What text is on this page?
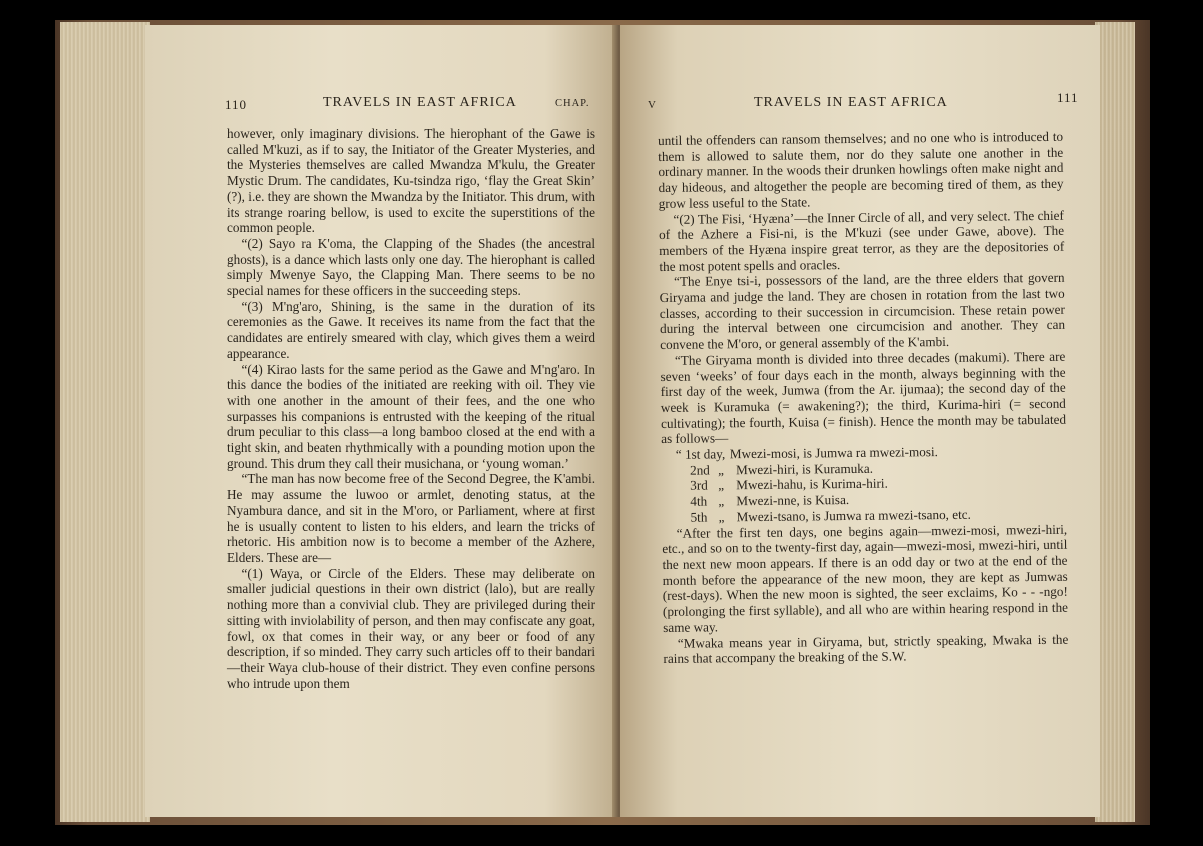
110	TRAVELS IN EAST AFRICA	CHAP.

however, only imaginary divisions. The hierophant of the Gawe is called M'kuzi, as if to say, the Initiator of the Greater Mysteries, and the Mysteries themselves are called Mwandza M'kulu, the Greater Mystic Drum. The candidates, Ku-tsindza rigo, ‘flay the Great Skin’ (?), i.e. they are shown the Mwandza by the Initiator. This drum, with its strange roaring bellow, is used to excite the superstitions of the common people.

“(2) Sayo ra K'oma, the Clapping of the Shades (the ancestral ghosts), is a dance which lasts only one day. The hierophant is called simply Mwenye Sayo, the Clapping Man. There seems to be no special names for these officers in the succeeding steps.

“(3) M'ng'aro, Shining, is the same in the duration of its ceremonies as the Gawe. It receives its name from the fact that the candidates are entirely smeared with clay, which gives them a weird appearance.

“(4) Kirao lasts for the same period as the Gawe and M'ng'aro. In this dance the bodies of the initiated are reeking with oil. They vie with one another in the amount of their fees, and the one who surpasses his companions is entrusted with the keeping of the ritual drum peculiar to this class—a long bamboo closed at the end with a tight skin, and beaten rhythmically with a pounding motion upon the ground. This drum they call their musichana, or ‘young woman.’

“The man has now become free of the Second Degree, the K'ambi. He may assume the luwoo or armlet, denoting status, at the Nyambura dance, and sit in the M'oro, or Parliament, where at first he is usually content to listen to his elders, and learn the tricks of rhetoric. His ambition now is to become a member of the Azhere, Elders. These are—

“(1) Waya, or Circle of the Elders. These may deliberate on smaller judicial questions in their own district (lalo), but are really nothing more than a convivial club. They are privileged during their sitting with inviolability of person, and then may confiscate any goat, fowl, ox that comes in their way, or any beer or food of any description, if so minded. They carry such articles off to their bandari—their Waya club-house of their district. They even confine persons who intrude upon them

V	TRAVELS IN EAST AFRICA	111

until the offenders can ransom themselves; and no one who is introduced to them is allowed to salute them, nor do they salute one another in the ordinary manner. In the woods their drunken howlings often make night and day hideous, and altogether the people are becoming tired of them, as they grow less useful to the State.

“(2) The Fisi, ‘Hyæna’—the Inner Circle of all, and very select. The chief of the Azhere a Fisi-ni, is the M'kuzi (see under Gawe, above). The members of the Hyæna inspire great terror, as they are the depositories of the most potent spells and oracles.

“The Enye tsi-i, possessors of the land, are the three elders that govern Giryama and judge the land. They are chosen in rotation from the last two classes, according to their succession in circumcision. These retain power during the interval between one circumcision and another. They can convene the M'oro, or general assembly of the K'ambi.

“The Giryama month is divided into three decades (makumi). There are seven ‘weeks’ of four days each in the month, always beginning with the first day of the week, Jumwa (from the Ar. ijumaa); the second day of the week is Kuramuka (= awakening?); the third, Kurima-hiri (= second cultivating); the fourth, Kuisa (= finish). Hence the month may be tabulated as follows—

“ 1st day, Mwezi-mosi, is Jumwa ra mwezi-mosi.
2nd „ Mwezi-hiri, is Kuramuka.
3rd „ Mwezi-hahu, is Kurima-hiri.
4th „ Mwezi-nne, is Kuisa.
5th „ Mwezi-tsano, is Jumwa ra mwezi-tsano, etc.

“After the first ten days, one begins again—mwezi-mosi, mwezi-hiri, etc., and so on to the twenty-first day, again—mwezi-mosi, mwezi-hiri, until the next new moon appears. If there is an odd day or two at the end of the month before the appearance of the new moon, they are kept as Jumwas (rest-days). When the new moon is sighted, the seer exclaims, Ko - - -ngo! (prolonging the first syllable), and all who are within hearing respond in the same way.

“Mwaka means year in Giryama, but, strictly speaking, Mwaka is the rains that accompany the breaking of the S.W.
